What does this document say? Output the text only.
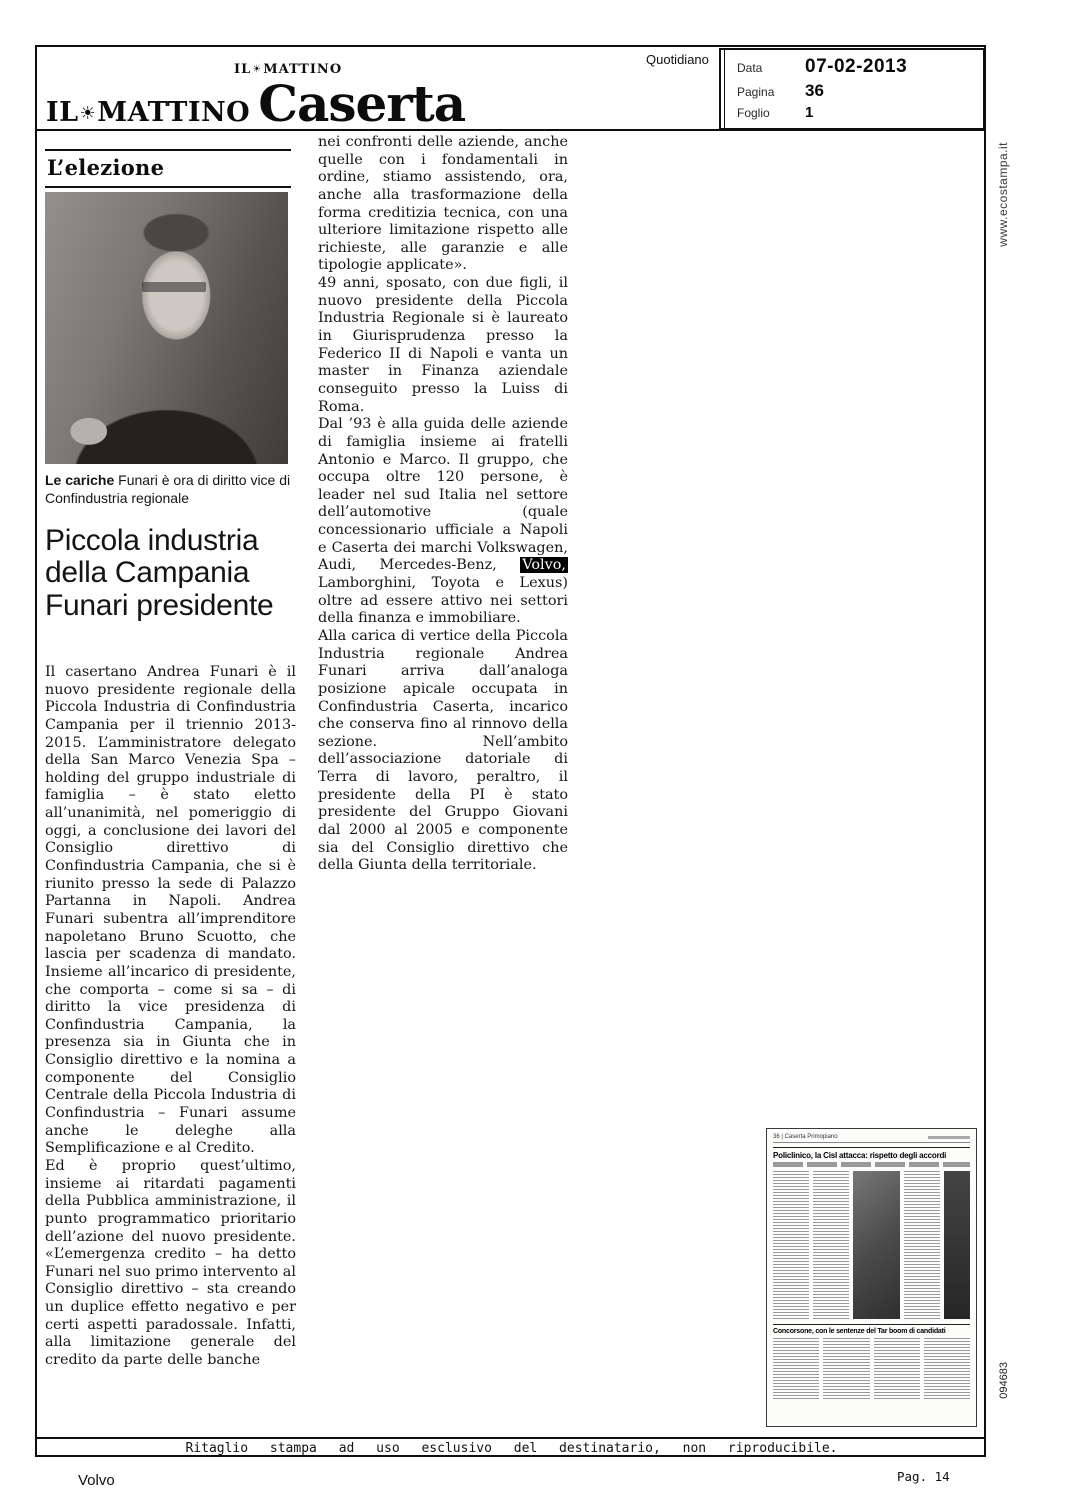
IL☀MATTINO
IL☀MATTINO Caserta
Quotidiano
Data	07-02-2013
Pagina	36
Foglio	1
www.ecostampa.it
094683
L’elezione
Le cariche Funari è ora di diritto vice di Confindustria regionale
Piccola industria della Campania Funari presidente

Il casertano Andrea Funari è il nuovo presidente regionale della Piccola Industria di Confindustria Campania per il triennio 2013-2015. L’amministratore delegato della San Marco Venezia Spa – holding del gruppo industriale di famiglia – è stato eletto all’unanimità, nel pomeriggio di oggi, a conclusione dei lavori del Consiglio direttivo di Confindustria Campania, che si è riunito presso la sede di Palazzo Partanna in Napoli. Andrea Funari subentra all’imprenditore napoletano Bruno Scuotto, che lascia per scadenza di mandato. Insieme all’incarico di presidente, che comporta – come si sa – di diritto la vice presidenza di Confindustria Campania, la presenza sia in Giunta che in Consiglio direttivo e la nomina a componente del Consiglio Centrale della Piccola Industria di Confindustria – Funari assume anche le deleghe alla Semplificazione e al Credito.

Ed è proprio quest’ultimo, insieme ai ritardati pagamenti della Pubblica amministrazione, il punto programmatico prioritario dell’azione del nuovo presidente. «L’emergenza credito – ha detto Funari nel suo primo intervento al Consiglio direttivo – sta creando un duplice effetto negativo e per certi aspetti paradossale. Infatti, alla limitazione generale del credito da parte delle banche

nei confronti delle aziende, anche quelle con i fondamentali in ordine, stiamo assistendo, ora, anche alla trasformazione della forma creditizia tecnica, con una ulteriore limitazione rispetto alle richieste, alle garanzie e alle tipologie applicate».

49 anni, sposato, con due figli, il nuovo presidente della Piccola Industria Regionale si è laureato in Giurisprudenza presso la Federico II di Napoli e vanta un master in Finanza aziendale conseguito presso la Luiss di Roma.

Dal ’93 è alla guida delle aziende di famiglia insieme ai fratelli Antonio e Marco. Il gruppo, che occupa oltre 120 persone, è leader nel sud Italia nel settore dell’automotive (quale concessionario ufficiale a Napoli e Caserta dei marchi Volkswagen, Audi, Mercedes-Benz, Volvo, Lamborghini, Toyota e Lexus) oltre ad essere attivo nei settori della finanza e immobiliare.

Alla carica di vertice della Piccola Industria regionale Andrea Funari arriva dall’analoga posizione apicale occupata in Confindustria Caserta, incarico che conserva fino al rinnovo della sezione. Nell’ambito dell’associazione datoriale di Terra di lavoro, peraltro, il presidente della PI è stato presidente del Gruppo Giovani dal 2000 al 2005 e componente sia del Consiglio direttivo che della Giunta della territoriale.

36 | Caserta Primopiano
Policlinico, la Cisl attacca: rispetto degli accordi
Concorsone, con le sentenze del Tar boom di candidati
Ritaglio stampa ad uso esclusivo del destinatario, non riproducibile.
Volvo	Pag. 14
